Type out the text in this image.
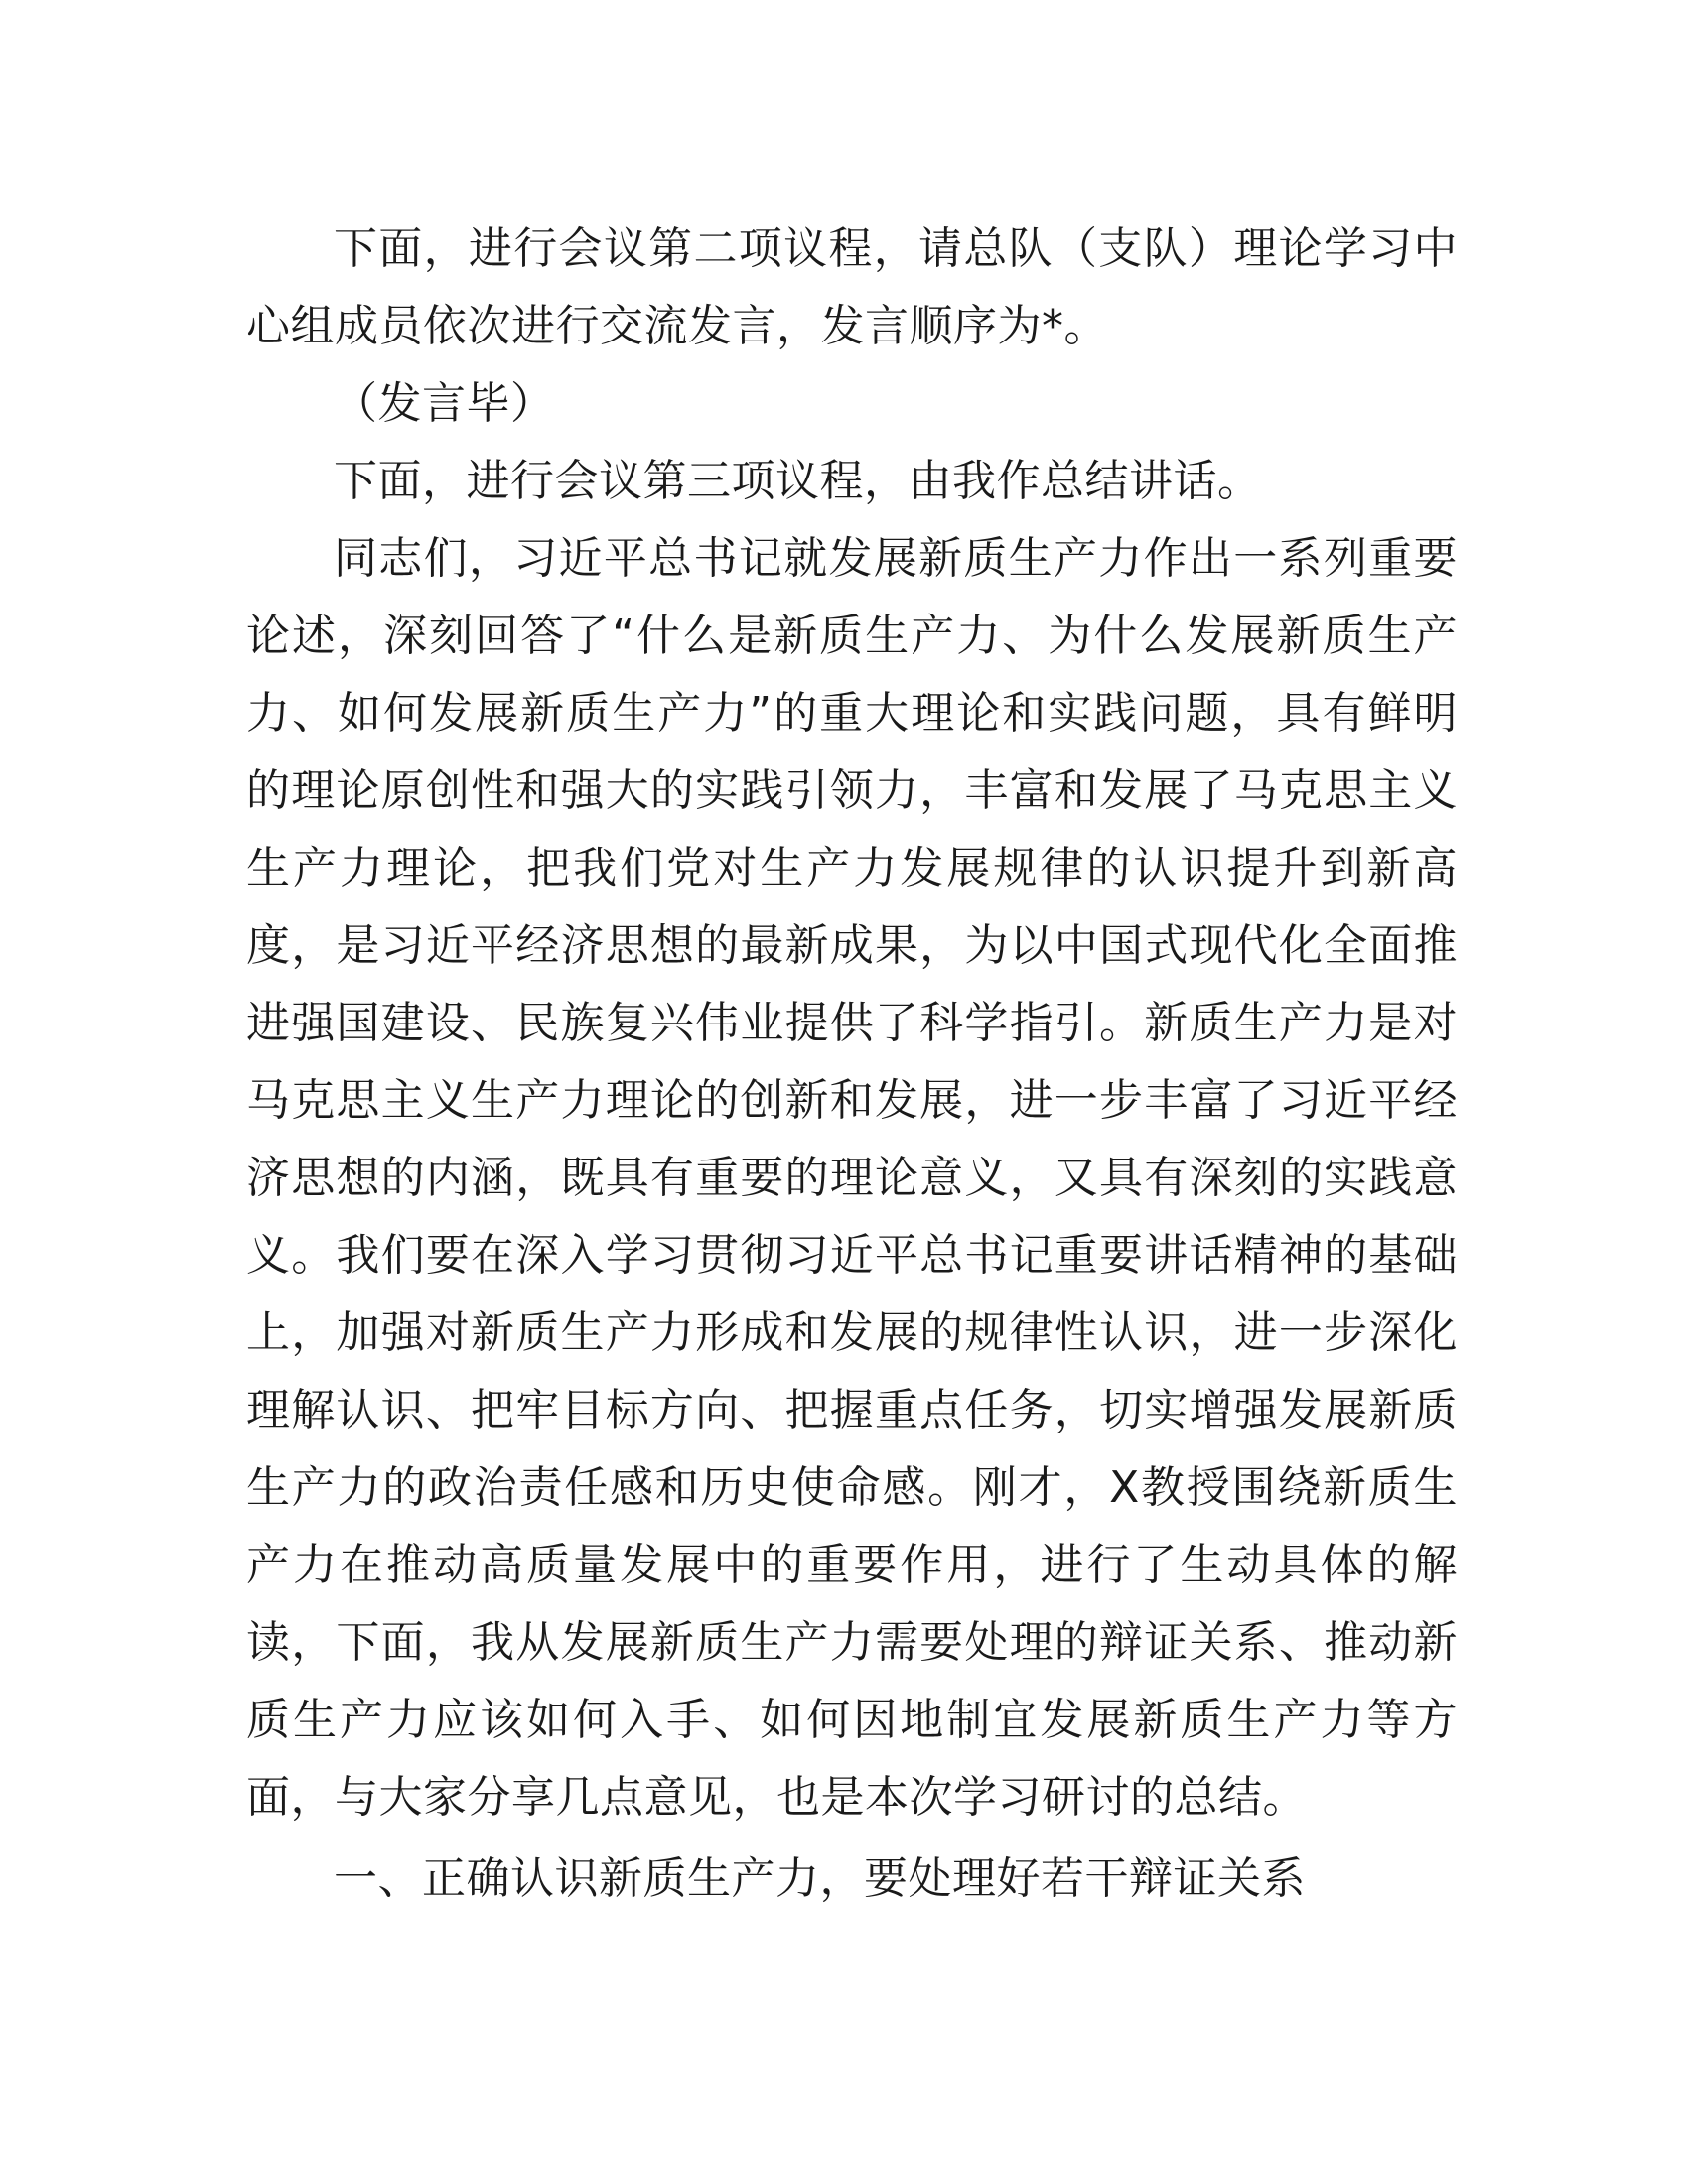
下面，进行会议第二项议程，请总队（支队）理论学习中心组成员依次进行交流发言，发言顺序为*。

（发言毕）

下面，进行会议第三项议程，由我作总结讲话。

同志们，习近平总书记就发展新质生产力作出一系列重要论述，深刻回答了“什么是新质生产力、为什么发展新质生产力、如何发展新质生产力”的重大理论和实践问题，具有鲜明的理论原创性和强大的实践引领力，丰富和发展了马克思主义生产力理论，把我们党对生产力发展规律的认识提升到新高度，是习近平经济思想的最新成果，为以中国式现代化全面推进强国建设、民族复兴伟业提供了科学指引。新质生产力是对马克思主义生产力理论的创新和发展，进一步丰富了习近平经济思想的内涵，既具有重要的理论意义，又具有深刻的实践意义。我们要在深入学习贯彻习近平总书记重要讲话精神的基础上，加强对新质生产力形成和发展的规律性认识，进一步深化理解认识、把牢目标方向、把握重点任务，切实增强发展新质生产力的政治责任感和历史使命感。刚才，X教授围绕新质生产力在推动高质量发展中的重要作用，进行了生动具体的解读，下面，我从发展新质生产力需要处理的辩证关系、推动新质生产力应该如何入手、如何因地制宜发展新质生产力等方面，与大家分享几点意见，也是本次学习研讨的总结。

一、正确认识新质生产力，要处理好若干辩证关系
